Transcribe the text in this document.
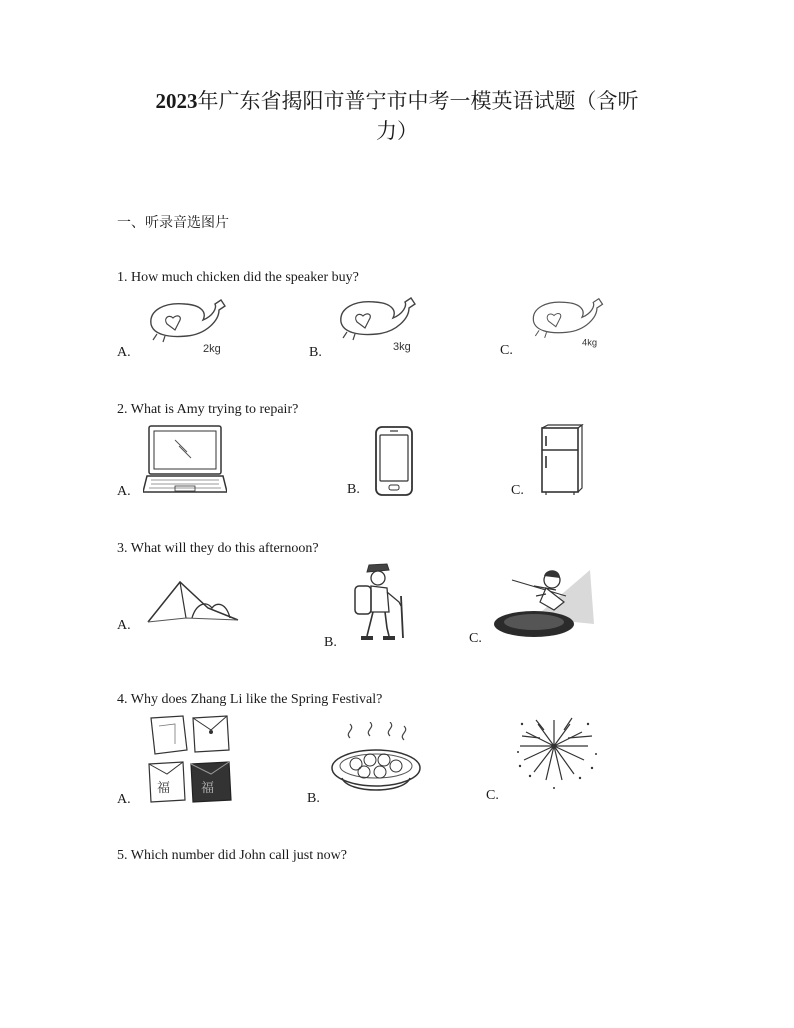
2023年广东省揭阳市普宁市中考一模英语试题（含听
力）
一、听录音选图片
1. How much chicken did the speaker buy?
A.	B.	C.
2kg	3kg	4kg
2. What is Amy trying to repair?
A.	B.	C.
3. What will they do this afternoon?
A.
B.	C.
4. Why does Zhang Li like the Spring Festival?
A.	B.	C.
福 福
5. Which number did John call just now?
